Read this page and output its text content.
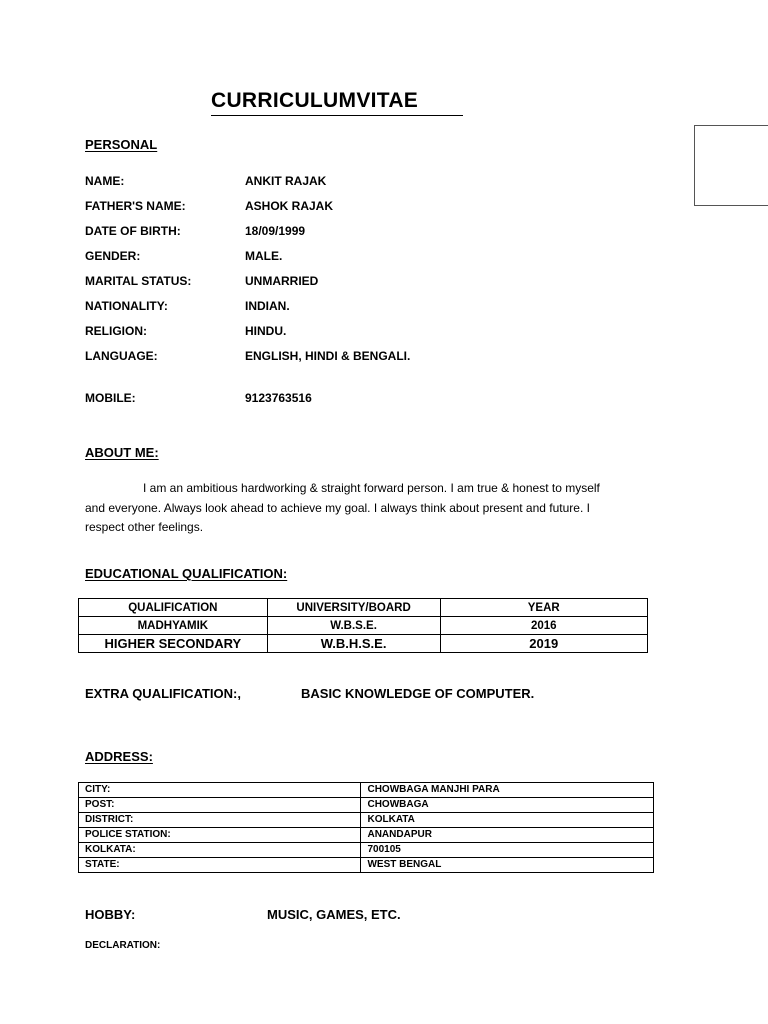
CURRICULUMVITAE
PERSONAL
NAME:	ANKIT RAJAK
FATHER'S NAME:	ASHOK RAJAK
DATE OF BIRTH:	18/09/1999
GENDER:	MALE.
MARITAL STATUS:	UNMARRIED
NATIONALITY:	INDIAN.
RELIGION:	HINDU.
LANGUAGE:	ENGLISH, HINDI & BENGALI.
MOBILE:	9123763516
ABOUT ME:
I am an ambitious hardworking & straight forward person. I am true & honest to myself and everyone. Always look ahead to achieve my goal. I always think about present and future. I respect other feelings.
EDUCATIONAL QUALIFICATION:
QUALIFICATION	UNIVERSITY/BOARD	YEAR
MADHYAMIK	W.B.S.E.	2016
HIGHER SECONDARY	W.B.H.S.E.	2019
EXTRA QUALIFICATION:,	BASIC KNOWLEDGE OF COMPUTER.
ADDRESS:
CITY:	CHOWBAGA MANJHI PARA
POST:	CHOWBAGA
DISTRICT:	KOLKATA
POLICE STATION:	ANANDAPUR
KOLKATA:	700105
STATE:	WEST BENGAL
HOBBY:	MUSIC, GAMES, ETC.
DECLARATION:
